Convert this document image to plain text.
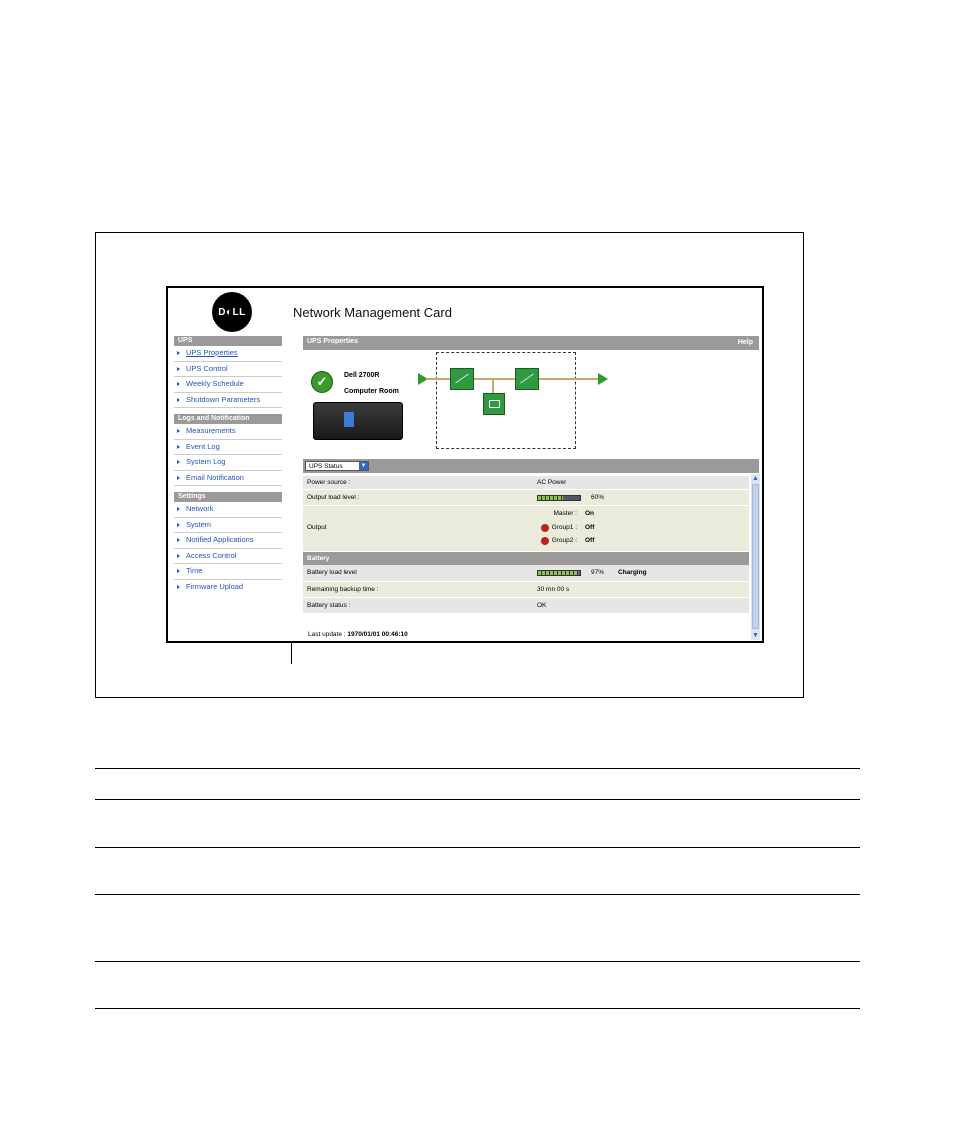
D◐LL	Network Management Card
UPS
UPS Properties
UPS Control
Weekly Schedule
Shutdown Parameters
Logs and Notification
Measurements
Event Log
System Log
Email Notification
Settings
Network
System
Notified Applications
Access Control
Time
Firmware Upload
UPS Properties	Help
✓	Dell 2700R
Computer Room
UPS Status	▼
Power source :	AC Power
Output load level :	60%
Output
Master : On
Group1 : Off
Group2 : Off
Battery
Battery load level	97% Charging
Remaining backup time :	30 mn 00 s
Battery status :	OK
Last update : 1970/01/01 00:46:10
▲
▼
